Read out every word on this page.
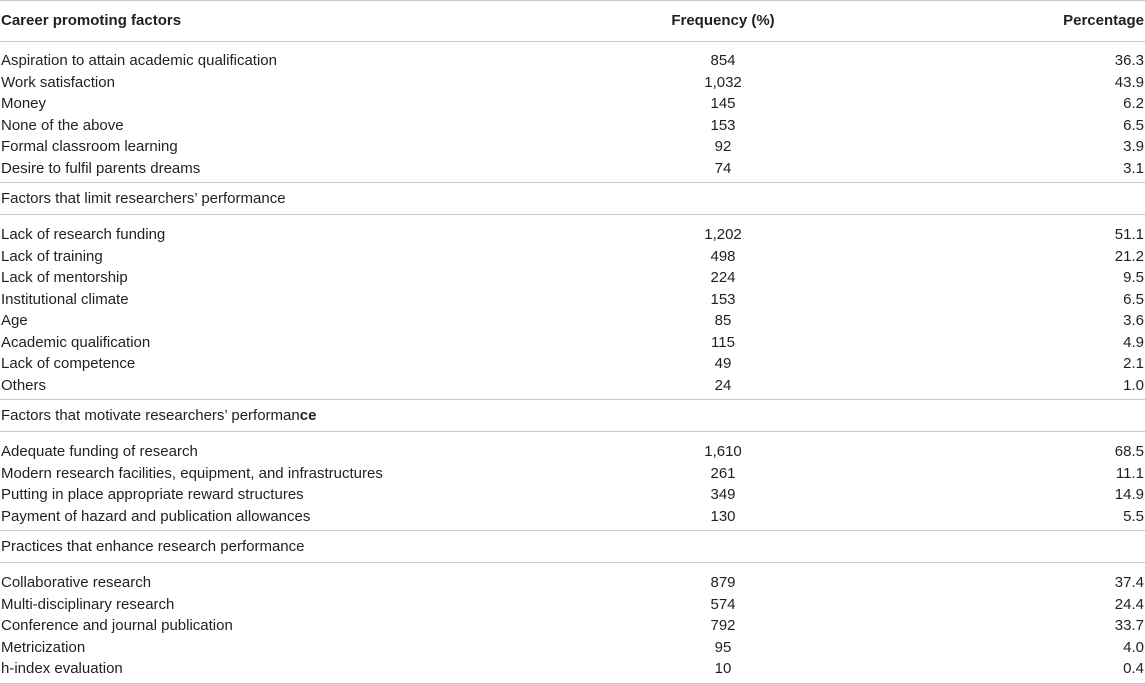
Career promoting factors	Frequency (%)	Percentage
Aspiration to attain academic qualification	854	36.3
Work satisfaction	1,032	43.9
Money	145	6.2
None of the above	153	6.5
Formal classroom learning	92	3.9
Desire to fulfil parents dreams	74	3.1
Factors that limit researchers’ performance
Lack of research funding	1,202	51.1
Lack of training	498	21.2
Lack of mentorship	224	9.5
Institutional climate	153	6.5
Age	85	3.6
Academic qualification	115	4.9
Lack of competence	49	2.1
Others	24	1.0
Factors that motivate researchers’ performance
Adequate funding of research	1,610	68.5
Modern research facilities, equipment, and infrastructures	261	11.1
Putting in place appropriate reward structures	349	14.9
Payment of hazard and publication allowances	130	5.5
Practices that enhance research performance
Collaborative research	879	37.4
Multi-disciplinary research	574	24.4
Conference and journal publication	792	33.7
Metricization	95	4.0
h-index evaluation	10	0.4
